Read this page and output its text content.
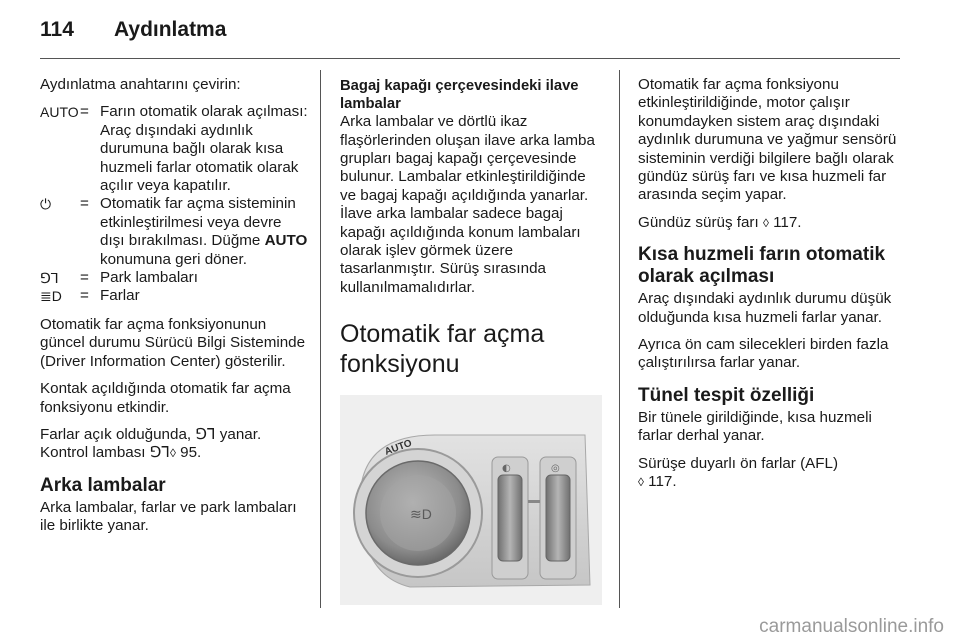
114 Aydınlatma

Aydınlatma anahtarını çevirin:

AUTO = Farın otomatik olarak açılması: Araç dışındaki aydınlık durumuna bağlı olarak kısa huzmeli farlar otomatik olarak açılır veya kapatılır.
⏻	= Otomatik far açma sisteminin etkinleştirilmesi veya devre dışı bırakılması. Düğme AUTO konumuna geri döner.
⅁⅂	= Park lambaları
≣D	= Farlar

Otomatik far açma fonksiyonunun güncel durumu Sürücü Bilgi Sisteminde (Driver Information Center) gösterilir.

Kontak açıldığında otomatik far açma fonksiyonu etkindir.

Farlar açık olduğunda, ⅁⅂ yanar.
Kontrol lambası ⅁⅂◊ 95.

Arka lambalar

Arka lambalar, farlar ve park lambaları ile birlikte yanar.

Bagaj kapağı çerçevesindeki ilave lambalar

Arka lambalar ve dörtlü ikaz flaşörlerinden oluşan ilave arka lamba grupları bagaj kapağı çerçevesinde bulunur. Lambalar etkinleştirildiğinde ve bagaj kapağı açıldığında yanarlar. İlave arka lambalar sadece bagaj kapağı açıldığında konum lambaları olarak işlev görmek üzere tasarlanmıştır. Sürüş sırasında kullanılmamalıdırlar.

Otomatik far açma fonksiyonu
≋D
AUTO
◐	◎

Otomatik far açma fonksiyonu etkinleştirildiğinde, motor çalışır konumdayken sistem araç dışındaki aydınlık durumuna ve yağmur sensörü sisteminin verdiği bilgilere bağlı olarak gündüz sürüş farı ve kısa huzmeli far arasında seçim yapar.

Gündüz sürüş farı ◊ 117.

Kısa huzmeli farın otomatik olarak açılması

Araç dışındaki aydınlık durumu düşük olduğunda kısa huzmeli farlar yanar.

Ayrıca ön cam silecekleri birden fazla çalıştırılırsa farlar yanar.

Tünel tespit özelliği

Bir tünele girildiğinde, kısa huzmeli farlar derhal yanar.

Sürüşe duyarlı ön farlar (AFL)
◊ 117.

carmanualsonline.info
